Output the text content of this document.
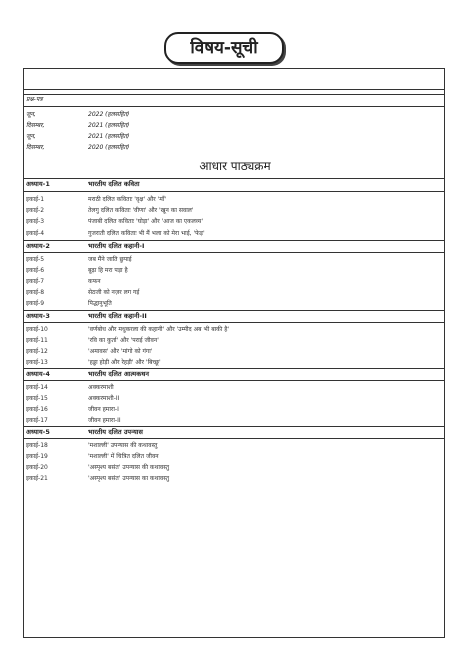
विषय-सूची
प्रश्न-पत्र
जून,	2022 (हलसहित)
दिसम्बर,	2021 (हलसहित)
जून,	2021 (हलसहित)
दिसम्बर,	2020 (हलसहित)
आधार पाठ्यक्रम
अध्याय-1	भारतीय दलित कविता
इकाई-1	मराठी दलित कविताः 'वृक्ष' और 'माँ'
इकाई-2	तेलगु दलित कविताः 'वीणा' और 'खून का सवाल'
इकाई-3	पंजाबी दलित कविताः 'घोड़ा' और 'आज का एकलव्य'
इकाई-4	गुजराती दलित कविताः भी मैं भला को मेरा भाई, 'फेड़'
अध्याय-2	भारतीय दलित कहानी-I
इकाई-5	जब मैंने जाति छुपाई
इकाई-6	बूढ़ा हि मरा पड़ा है
इकाई-7	कफन
इकाई-8	सेठजी को नज़र लग गई
इकाई-9	पिद्धानुभूति
अध्याय-3	भारतीय दलित कहानी-II
इकाई-10	'वर्णबोध और मधुकरला की कहानी' और 'उम्मीद अब भी बाकी है'
इकाई-11	'रवि का कुर्ता' और 'पराई जीवन'
इकाई-12	'अमावस' और 'मांगो को गंगा'
इकाई-13	'हड्डा होड़ी और रेहड़ी' और 'बिच्छू'
अध्याय-4	भारतीय दलित आत्मकथन
इकाई-14	अक्करमाशी
इकाई-15	अक्करमाशी-II
इकाई-16	जीवन हमारा-I
इकाई-17	जीवन हमारा-II
अध्याय-5	भारतीय दलित उपन्यास
इकाई-18	'मशाल्ली' उपन्यास की कथावस्तु
इकाई-19	'मशाल्ली' में चित्रित दलित जीवन
इकाई-20	'अस्पृश्य बसंत' उपन्यास की कथावस्तु
इकाई-21	'अस्पृश्य बसंत' उपन्यास का कथावस्तु
